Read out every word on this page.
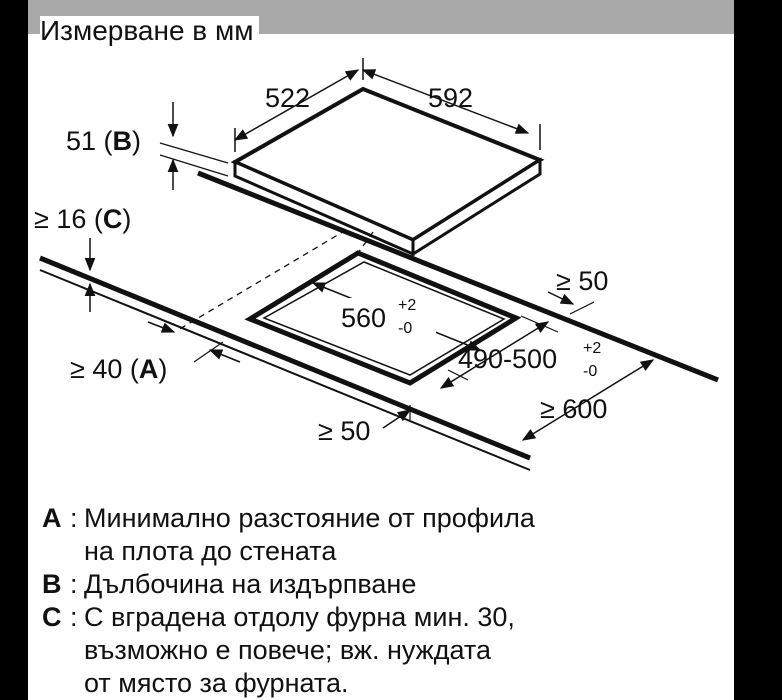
Измерване в мм
522	592
51 (B)
≥ 16 (C)
≥ 40 (A)
560 +2
-0
490-500 +2
-0
≥ 50
≥ 600
≥ 50
A : Минимално разстояние от профила
на плота до стената
B : Дълбочина на издърпване
C : С вградена отдолу фурна мин. 30,
възможно е повече; вж. нуждата
от място за фурната.
